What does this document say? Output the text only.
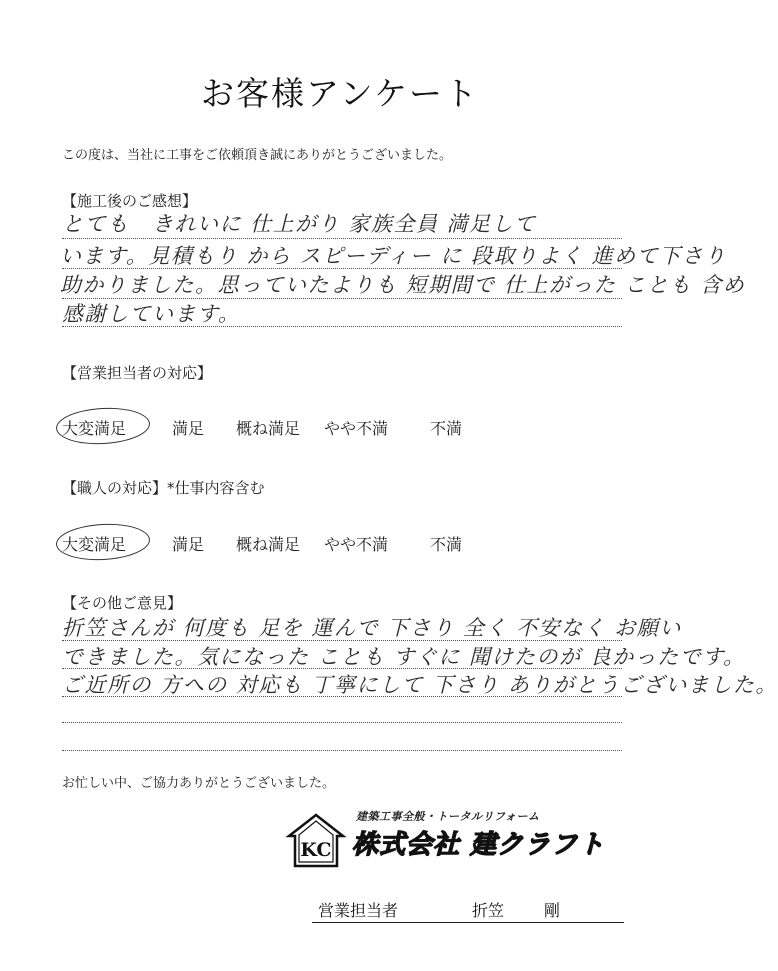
お客様アンケート
この度は、当社に工事をご依頼頂き誠にありがとうございました。
【施工後のご感想】
とても　きれいに 仕上がり 家族全員 満足して
います。見積もり から スピーディー に 段取りよく 進めて下さり
助かりました。思っていたよりも 短期間で 仕上がった ことも 含め
感謝しています。
【営業担当者の対応】
大変満足	満足 概ね満足 やや不満	不満
【職人の対応】*仕事内容含む
大変満足	満足 概ね満足 やや不満	不満
【その他ご意見】
折笠さんが 何度も 足を 運んで 下さり 全く 不安なく お願い
できました。気になった ことも すぐに 聞けたのが 良かったです。
ご近所の 方への 対応も 丁寧にして 下さり ありがとうございました。
お忙しい中、ご協力ありがとうございました。
KC
建築工事全般・トータルリフォーム
株式会社 建クラフト
営業担当者	折笠 剛
